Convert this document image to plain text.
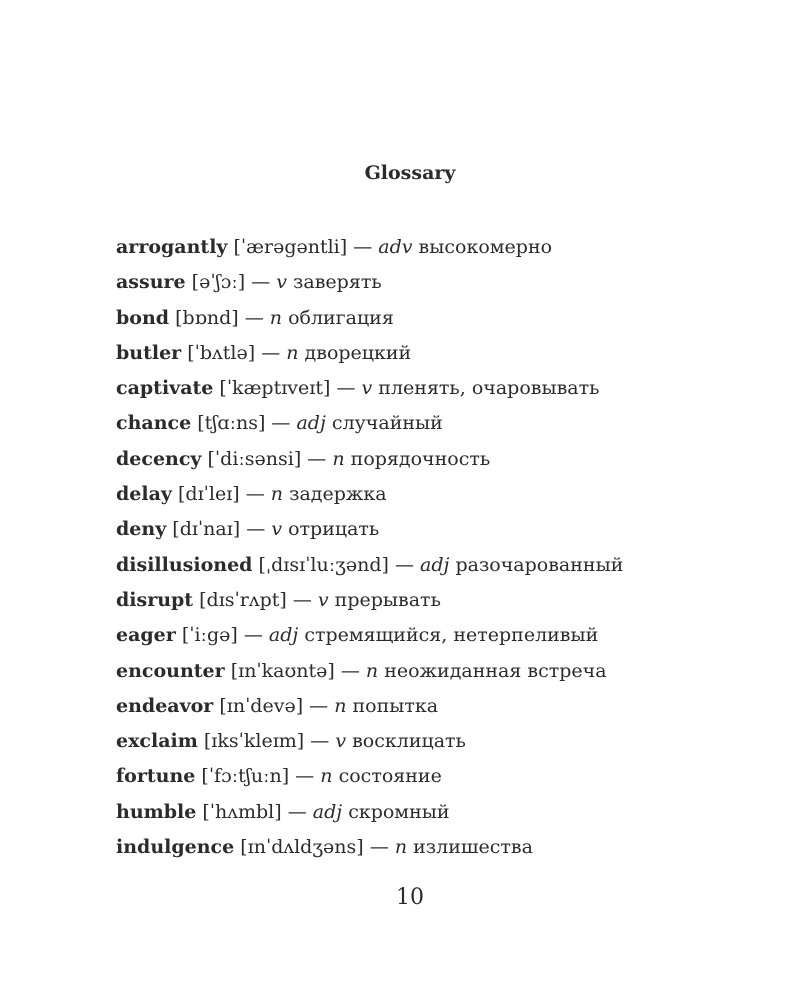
Glossary
arrogantly [ˈærəgəntli] — adv высокомерно
assure [əˈʃɔː] — v заверять
bond [bɒnd] — n облигация
butler [ˈbʌtlə] — n дворецкий
captivate [ˈkæptɪveɪt] — v пленять, очаровывать
chance [tʃɑːns] — adj случайный
decency [ˈdiːsənsi] — n порядочность
delay [dɪˈleɪ] — n задержка
deny [dɪˈnaɪ] — v отрицать
disillusioned [ˌdɪsɪˈluːʒənd] — adj разочарованный
disrupt [dɪsˈrʌpt] — v прерывать
eager [ˈiːgə] — adj стремящийся, нетерпеливый
encounter [ɪnˈkaʊntə] — n неожиданная встреча
endeavor [ɪnˈdevə] — n попытка
exclaim [ɪksˈkleɪm] — v восклицать
fortune [ˈfɔːtʃuːn] — n состояние
humble [ˈhʌmbl] — adj скромный
indulgence [ɪnˈdʌldʒəns] — n излишества
10
